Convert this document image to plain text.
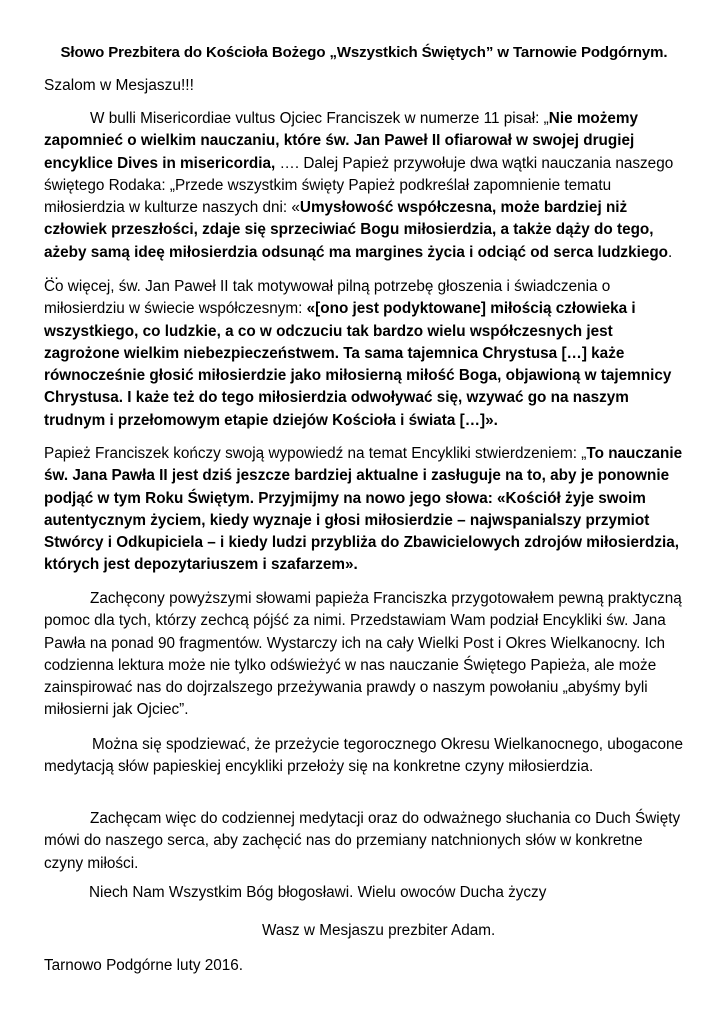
Słowo Prezbitera do Kościoła Bożego „Wszystkich Świętych” w Tarnowie Podgórnym.
Szalom w Mesjaszu!!!

W bulli Misericordiae vultus Ojciec Franciszek w numerze 11 pisał: „Nie możemy zapomnieć o wielkim nauczaniu, które św. Jan Paweł II ofiarował w swojej drugiej encyklice Dives in misericordia, …. Dalej Papież przywołuje dwa wątki nauczania naszego świętego Rodaka: „Przede wszystkim święty Papież podkreślał zapomnienie tematu miłosierdzia w kulturze naszych dni: «Umysłowość współczesna, może bardziej niż człowiek przeszłości, zdaje się sprzeciwiać Bogu miłosierdzia, a także dąży do tego, ażeby samą ideę miłosierdzia odsunąć ma margines życia i odciąć od serca ludzkiego. …

Co więcej, św. Jan Paweł II tak motywował pilną potrzebę głoszenia i świadczenia o miłosierdziu w świecie współczesnym: «[ono jest podyktowane] miłością człowieka i wszystkiego, co ludzkie, a co w odczuciu tak bardzo wielu współczesnych jest zagrożone wielkim niebezpieczeństwem. Ta sama tajemnica Chrystusa […] każe równocześnie głosić miłosierdzie jako miłosierną miłość Boga, objawioną w tajemnicy Chrystusa. I każe też do tego miłosierdzia odwoływać się, wzywać go na naszym trudnym i przełomowym etapie dziejów Kościoła i świata […]».

Papież Franciszek kończy swoją wypowiedź na temat Encykliki stwierdzeniem: „To nauczanie św. Jana Pawła II jest dziś jeszcze bardziej aktualne i zasługuje na to, aby je ponownie podjąć w tym Roku Świętym. Przyjmijmy na nowo jego słowa: «Kościół żyje swoim autentycznym życiem, kiedy wyznaje i głosi miłosierdzie – najwspanialszy przymiot Stwórcy i Odkupiciela – i kiedy ludzi przybliża do Zbawicielowych zdrojów miłosierdzia, których jest depozytariuszem i szafarzem».

Zachęcony powyższymi słowami papieża Franciszka przygotowałem pewną praktyczną pomoc dla tych, którzy zechcą pójść za nimi. Przedstawiam Wam podział Encykliki św. Jana Pawła na ponad 90 fragmentów. Wystarczy ich na cały Wielki Post i Okres Wielkanocny. Ich codzienna lektura może nie tylko odświeżyć w nas nauczanie Świętego Papieża, ale może zainspirować nas do dojrzalszego przeżywania prawdy o naszym powołaniu „abyśmy byli miłosierni jak Ojciec”.

Można się spodziewać, że przeżycie tegorocznego Okresu Wielkanocnego, ubogacone medytacją słów papieskiej encykliki przełoży się na konkretne czyny miłosierdzia.

Zachęcam więc do codziennej medytacji oraz do odważnego słuchania co Duch Święty mówi do naszego serca, aby zachęcić nas do przemiany natchnionych słów w konkretne czyny miłości.

Niech Nam Wszystkim Bóg błogosławi. Wielu owoców Ducha życzy

Wasz w Mesjaszu prezbiter Adam.

Tarnowo Podgórne luty 2016.
